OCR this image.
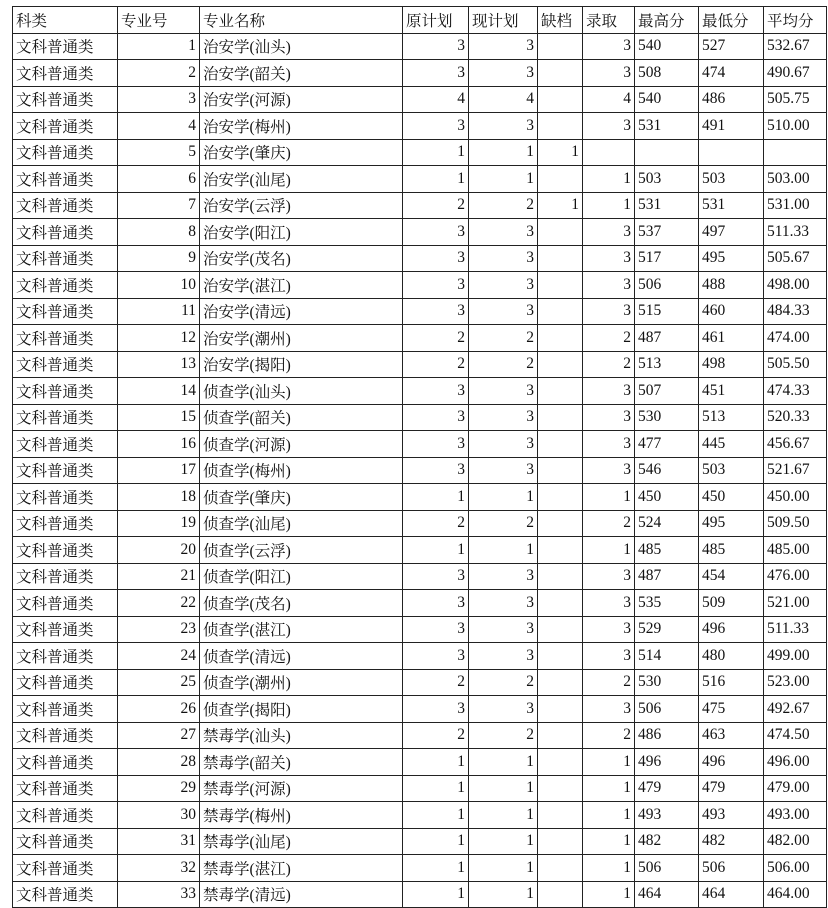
科类	专业号	专业名称	原计划	现计划	缺档	录取	最高分	最低分	平均分
文科普通类	1	治安学(汕头)	3	3		3	540	527	532.67
文科普通类	2	治安学(韶关)	3	3		3	508	474	490.67
文科普通类	3	治安学(河源)	4	4		4	540	486	505.75
文科普通类	4	治安学(梅州)	3	3		3	531	491	510.00
文科普通类	5	治安学(肇庆)	1	1	1				
文科普通类	6	治安学(汕尾)	1	1		1	503	503	503.00
文科普通类	7	治安学(云浮)	2	2	1	1	531	531	531.00
文科普通类	8	治安学(阳江)	3	3		3	537	497	511.33
文科普通类	9	治安学(茂名)	3	3		3	517	495	505.67
文科普通类	10	治安学(湛江)	3	3		3	506	488	498.00
文科普通类	11	治安学(清远)	3	3		3	515	460	484.33
文科普通类	12	治安学(潮州)	2	2		2	487	461	474.00
文科普通类	13	治安学(揭阳)	2	2		2	513	498	505.50
文科普通类	14	侦查学(汕头)	3	3		3	507	451	474.33
文科普通类	15	侦查学(韶关)	3	3		3	530	513	520.33
文科普通类	16	侦查学(河源)	3	3		3	477	445	456.67
文科普通类	17	侦查学(梅州)	3	3		3	546	503	521.67
文科普通类	18	侦查学(肇庆)	1	1		1	450	450	450.00
文科普通类	19	侦查学(汕尾)	2	2		2	524	495	509.50
文科普通类	20	侦查学(云浮)	1	1		1	485	485	485.00
文科普通类	21	侦查学(阳江)	3	3		3	487	454	476.00
文科普通类	22	侦查学(茂名)	3	3		3	535	509	521.00
文科普通类	23	侦查学(湛江)	3	3		3	529	496	511.33
文科普通类	24	侦查学(清远)	3	3		3	514	480	499.00
文科普通类	25	侦查学(潮州)	2	2		2	530	516	523.00
文科普通类	26	侦查学(揭阳)	3	3		3	506	475	492.67
文科普通类	27	禁毒学(汕头)	2	2		2	486	463	474.50
文科普通类	28	禁毒学(韶关)	1	1		1	496	496	496.00
文科普通类	29	禁毒学(河源)	1	1		1	479	479	479.00
文科普通类	30	禁毒学(梅州)	1	1		1	493	493	493.00
文科普通类	31	禁毒学(汕尾)	1	1		1	482	482	482.00
文科普通类	32	禁毒学(湛江)	1	1		1	506	506	506.00
文科普通类	33	禁毒学(清远)	1	1		1	464	464	464.00
